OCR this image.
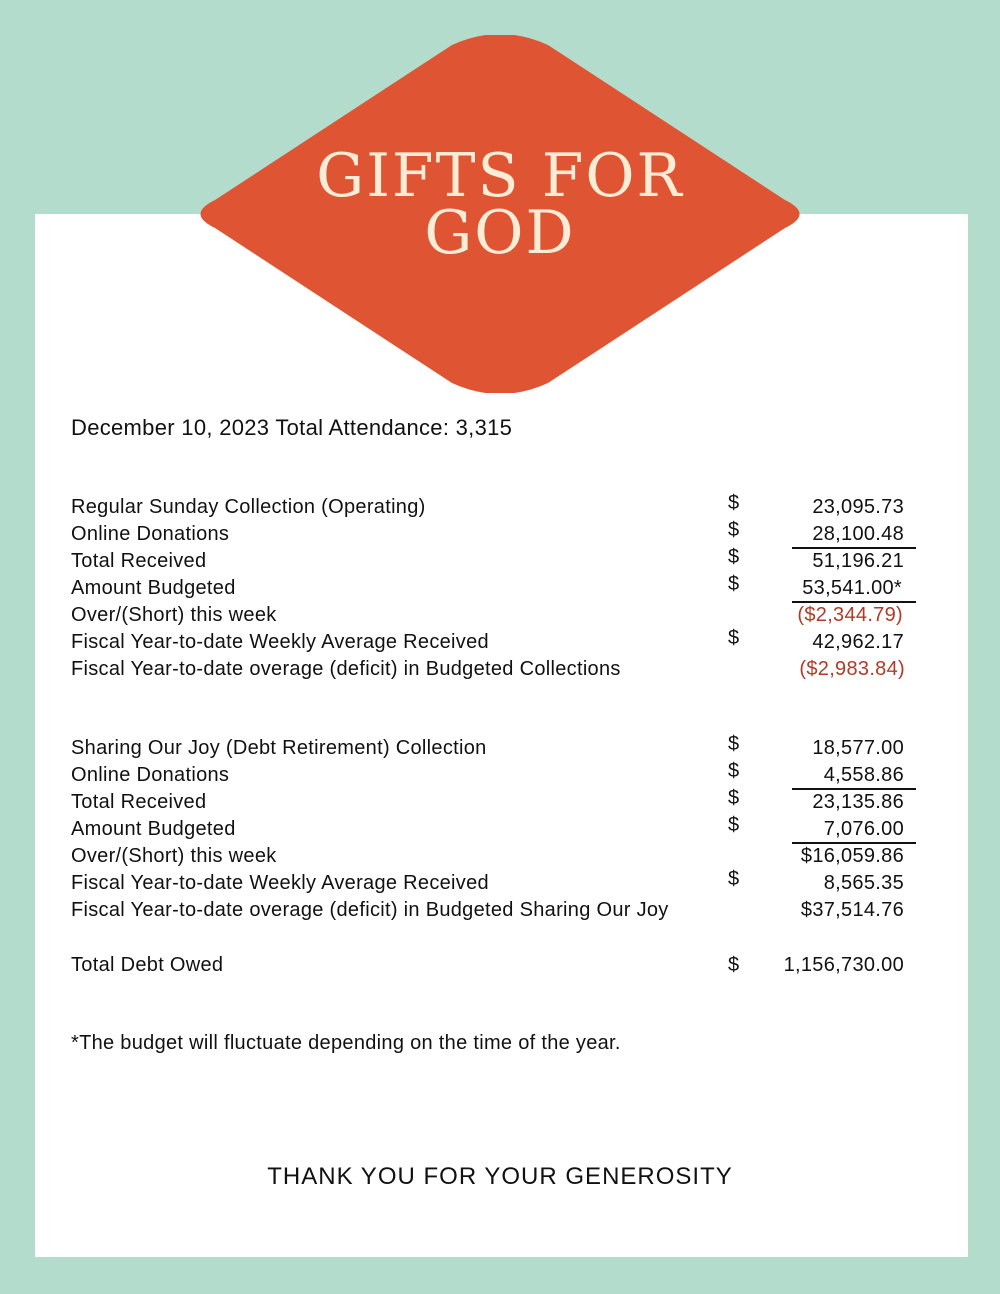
GIFTS FOR
GOD
December 10, 2023 Total Attendance: 3,315
Regular Sunday Collection (Operating)	$	23,095.73
Online Donations	$	28,100.48
Total Received	$	51,196.21
Amount Budgeted	$	53,541.00*
Over/(Short) this week	($2,344.79)
Fiscal Year-to-date Weekly Average Received	$	42,962.17
Fiscal Year-to-date overage (deficit) in Budgeted Collections	($2,983.84)
Sharing Our Joy (Debt Retirement) Collection	$	18,577.00
Online Donations	$	4,558.86
Total Received	$	23,135.86
Amount Budgeted	$	7,076.00
Over/(Short) this week	$16,059.86
Fiscal Year-to-date Weekly Average Received	$	8,565.35
Fiscal Year-to-date overage (deficit) in Budgeted Sharing Our Joy	$37,514.76
Total Debt Owed	$ 1,156,730.00
*The budget will fluctuate depending on the time of the year.
THANK YOU FOR YOUR GENEROSITY
